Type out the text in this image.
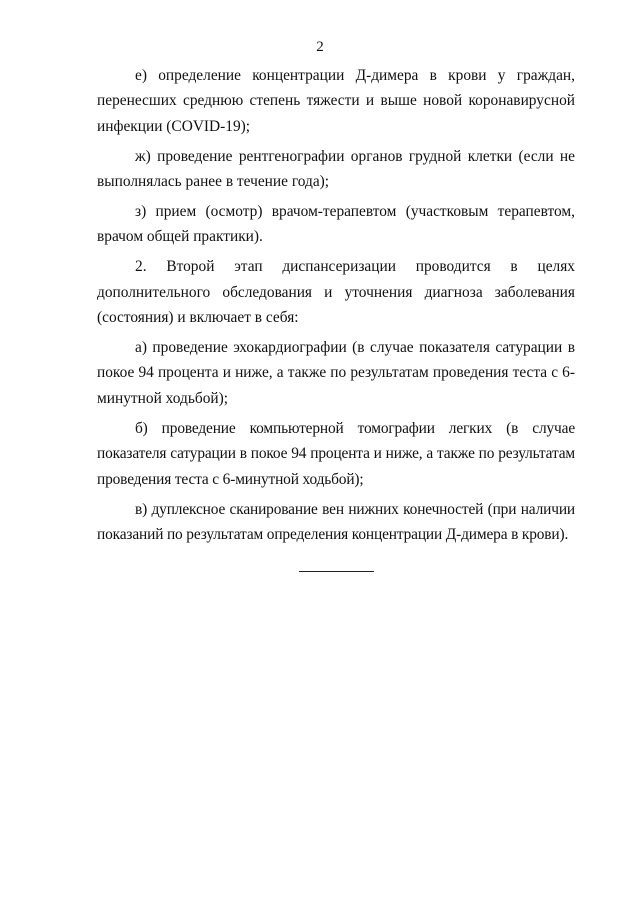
2

е) определение концентрации Д-димера в крови у граждан, перенесших среднюю степень тяжести и выше новой коронавирусной инфекции (COVID-19);

ж) проведение рентгенографии органов грудной клетки (если не выполнялась ранее в течение года);

з) прием (осмотр) врачом-терапевтом (участковым терапевтом, врачом общей практики).

2. Второй этап диспансеризации проводится в целях дополнительного обследования и уточнения диагноза заболевания (состояния) и включает в себя:

а) проведение эхокардиографии (в случае показателя сатурации в покое 94 процента и ниже, а также по результатам проведения теста с 6-минутной ходьбой);

б) проведение компьютерной томографии легких (в случае показателя сатурации в покое 94 процента и ниже, а также по результатам проведения теста с 6-минутной ходьбой);

в) дуплексное сканирование вен нижних конечностей (при наличии показаний по результатам определения концентрации Д-димера в крови).
